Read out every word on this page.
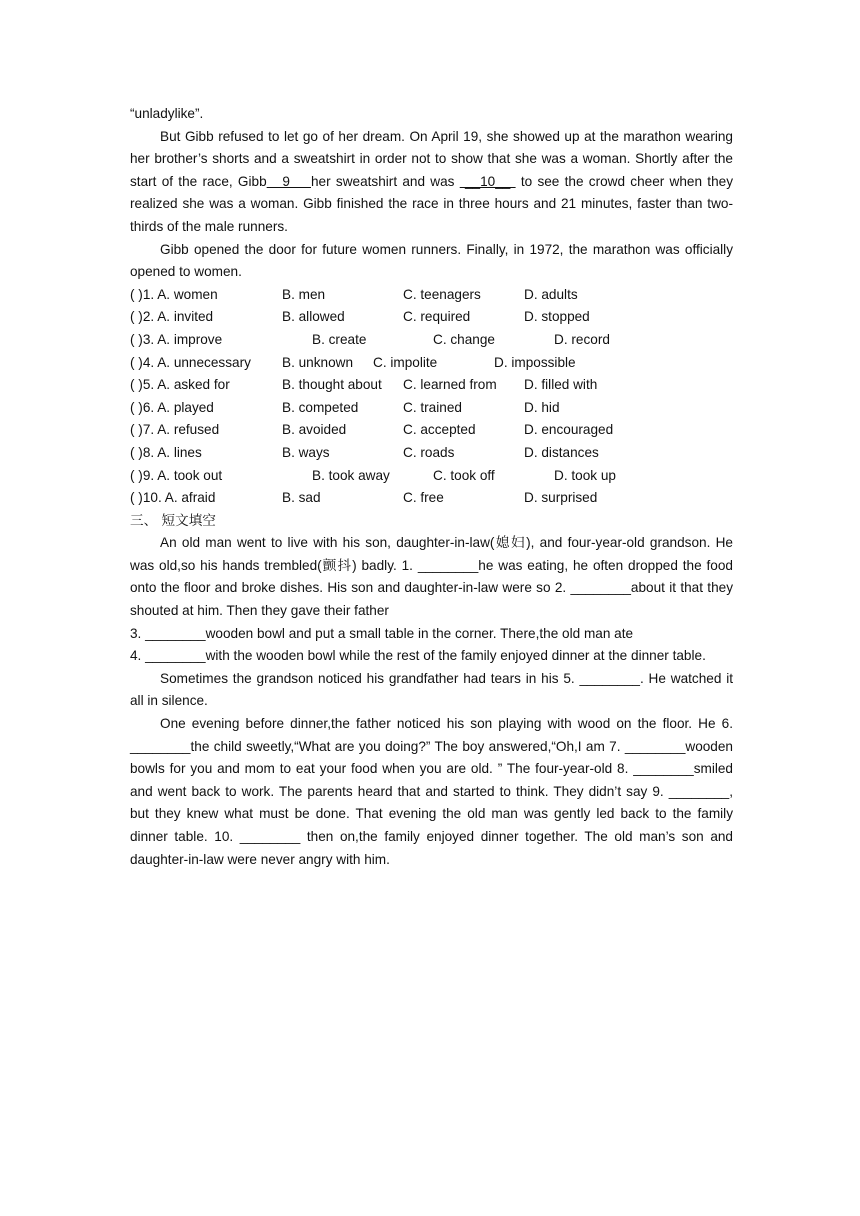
“unladylike”.

But Gibb refused to let go of her dream. On April 19, she showed up at the marathon wearing her brother’s shorts and a sweatshirt in order not to show that she was a woman. Shortly after the start of the race, Gibb   9    her sweatshirt and was  __10__  to see the crowd cheer when they realized she was a woman. Gibb finished the race in three hours and 21 minutes, faster than two-thirds of the male runners.

Gibb opened the door for future women runners. Finally, in 1972, the marathon was officially opened to women.

( )1. A. women	B. men	C. teenagers	D. adults
( )2. A. invited	B. allowed	C. required	D. stopped
( )3. A. improve	B. create	C. change	D. record
( )4. A. unnecessary B. unknown C. impolite	D. impossible
( )5. A. asked for	B. thought about C. learned from D. filled with
( )6. A. played	B. competed	C. trained	D. hid
( )7. A. refused	B. avoided	C. accepted	D. encouraged
( )8. A. lines	B. ways	C. roads	D. distances
( )9. A. took out	B. took away	C. took off	D. took up
( )10. A. afraid	B. sad	C. free	D. surprised

三、 短文填空

An old man went to live with his son, daughter-in-law(媳妇), and four-year-old grandson. He was old,so his hands trembled(颤抖) badly. 1. ________he was eating, he often dropped the food onto the floor and broke dishes. His son and daughter-in-law were so 2. ________about it that they shouted at him. Then they gave their father

3. ________wooden bowl and put a small table in the corner. There,the old man ate

4. ________with the wooden bowl while the rest of the family enjoyed dinner at the dinner table.

Sometimes the grandson noticed his grandfather had tears in his 5. ________. He watched it all in silence.

One evening before dinner,the father noticed his son playing with wood on the floor. He 6. ________the child sweetly,“What are you doing?” The boy answered,“Oh,I am 7. ________wooden bowls for you and mom to eat your food when you are old. ” The four-year-old 8. ________smiled and went back to work. The parents heard that and started to think. They didn’t say 9. ________, but they knew what must be done. That evening the old man was gently led back to the family dinner table. 10. ________ then on,the family enjoyed dinner together. The old man’s son and daughter-in-law were never angry with him.
